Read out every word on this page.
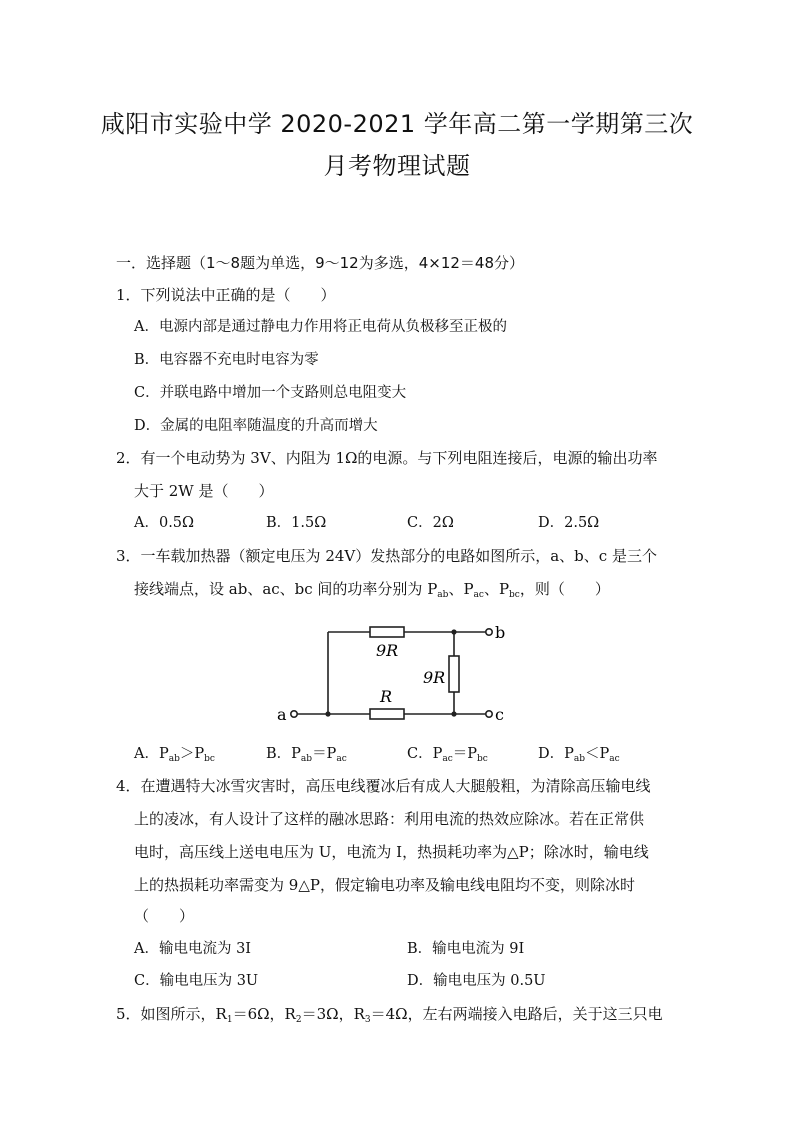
咸阳市实验中学 2020-2021 学年高二第一学期第三次
月考物理试题
一．选择题（1～8题为单选，9～12为多选，4×12＝48分）
1．下列说法中正确的是（　　）
A．电源内部是通过静电力作用将正电荷从负极移至正极的
B．电容器不充电时电容为零
C．并联电路中增加一个支路则总电阻变大
D．金属的电阻率随温度的升高而增大
2．有一个电动势为 3V、内阻为 1Ω的电源。与下列电阻连接后，电源的输出功率
大于 2W 是（　　）
A．0.5Ω	B．1.5Ω	C．2Ω	D．2.5Ω
3．一车载加热器（额定电压为 24V）发热部分的电路如图所示，a、b、c 是三个
接线端点，设 ab、ac、bc 间的功率分别为 $P_{ab}$、$P_{ac}$、$P_{bc}$，则（　　）
9R
9R
R
a
b
c
A．$P_{ab}>P_{bc}$	B．$P_{ab}=P_{ac}$	C．$P_{ac}=P_{bc}$	D．$P_{ab}<P_{ac}$
4．在遭遇特大冰雪灾害时，高压电线覆冰后有成人大腿般粗，为清除高压输电线
上的凌冰，有人设计了这样的融冰思路：利用电流的热效应除冰。若在正常供
电时，高压线上送电电压为 U，电流为 I，热损耗功率为△P；除冰时，输电线
上的热损耗功率需变为 9△P，假定输电功率及输电线电阻均不变，则除冰时
（　　）
A．输电电流为 3I	B．输电电流为 9I
C．输电电压为 3U	D．输电电压为 0.5U
5．如图所示，$R_1=6\Omega$，$R_2=3\Omega$，$R_3=4\Omega$，左右两端接入电路后，关于这三只电
